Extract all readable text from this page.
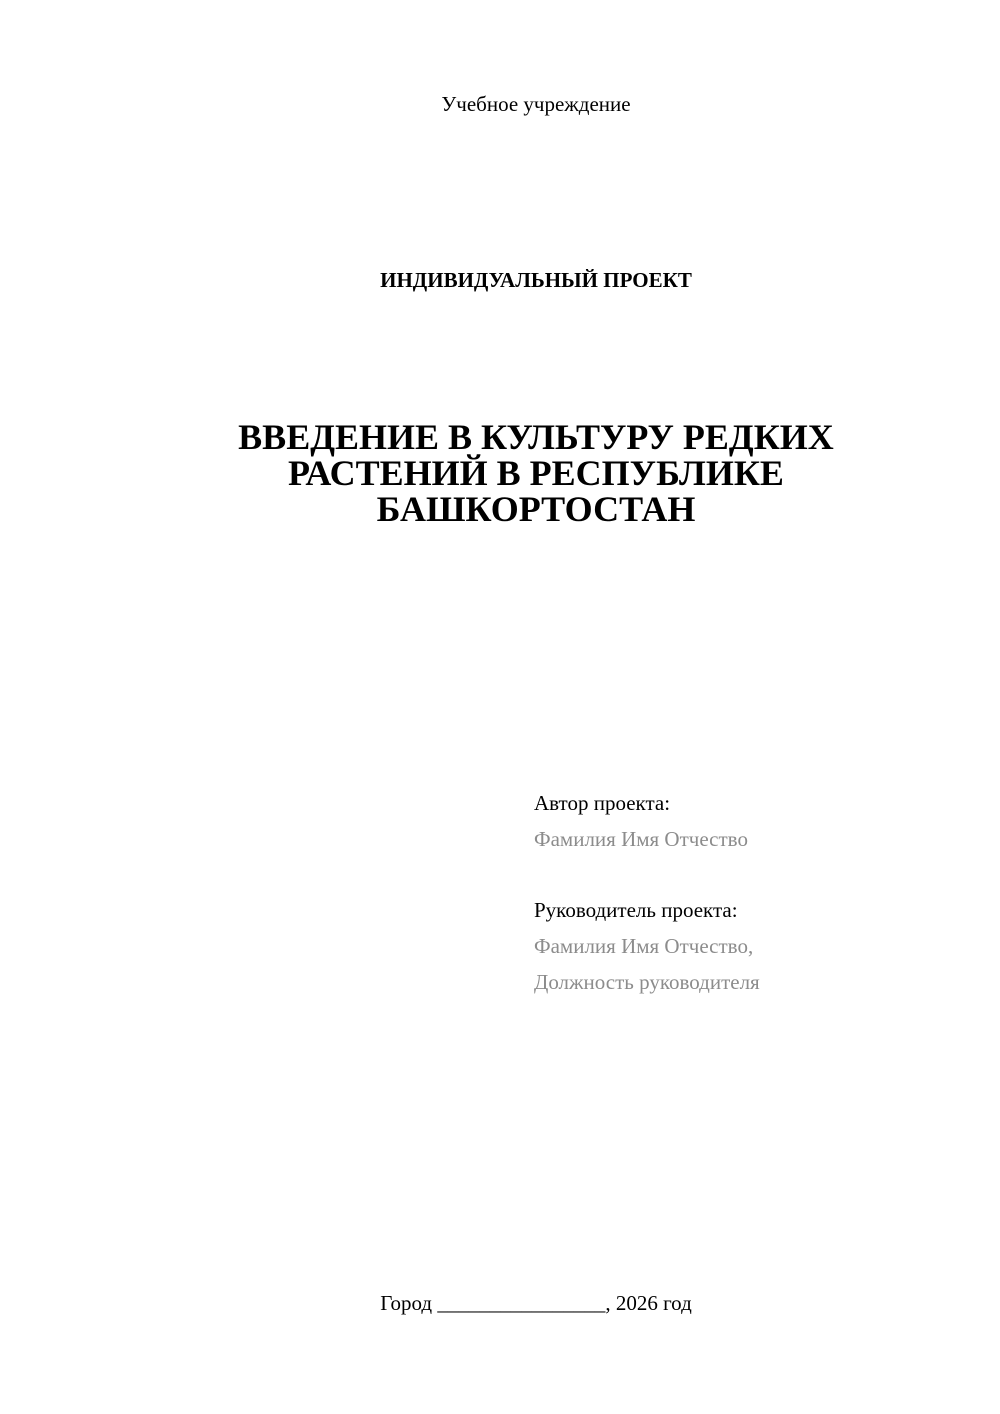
Учебное учреждение
ИНДИВИДУАЛЬНЫЙ ПРОЕКТ
ВВЕДЕНИЕ В КУЛЬТУРУ РЕДКИХ
РАСТЕНИЙ В РЕСПУБЛИКЕ
БАШКОРТОСТАН
Автор проекта:
Фамилия Имя Отчество
Руководитель проекта:
Фамилия Имя Отчество,
Должность руководителя
Город ________________, 2026 год
